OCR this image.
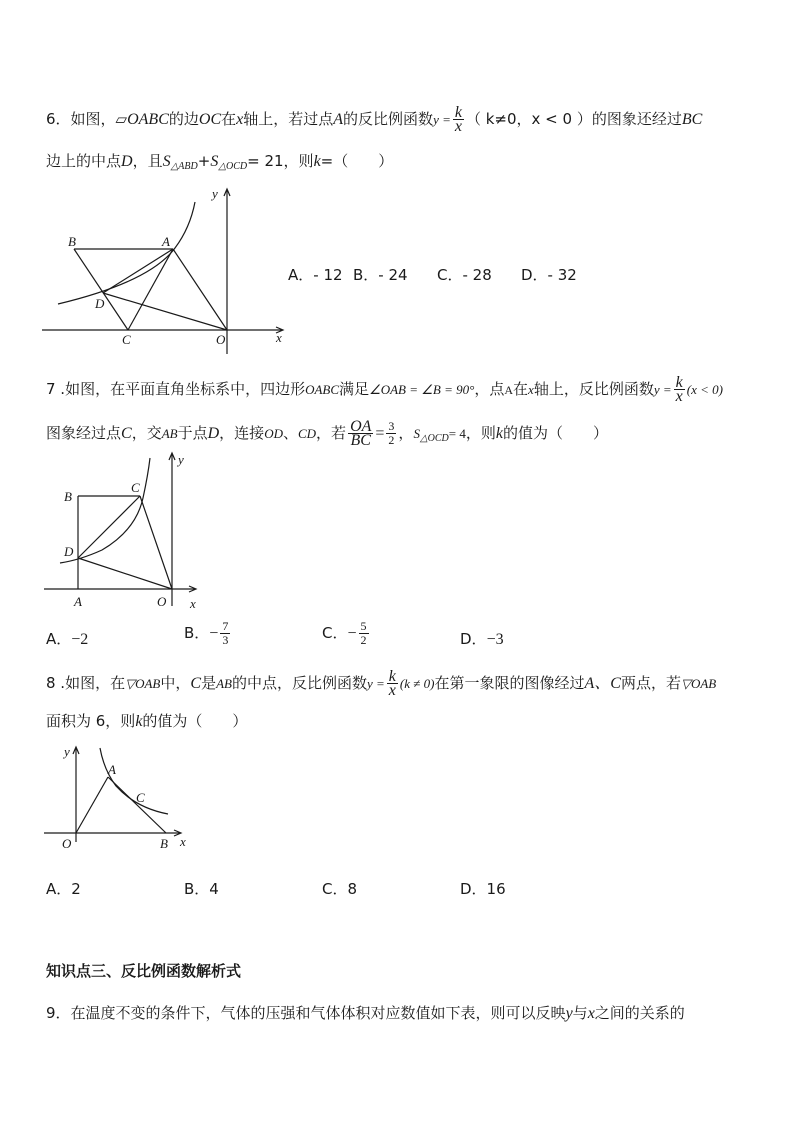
6．如图，▱OABC的边OC在x轴上，若过点A的反比例函数$y = \frac{k}{x}$ （ k≠0，x < 0 ）的图象还经过BC
边上的中点D，且$S_{\triangle ABD}+S_{\triangle OCD}= 21$，则k=（　　）
B	A
D
C	O	x
y
A．- 12 B．- 24 C．- 28 D．- 32
7 .如图，在平面直角坐标系中，四边形OABC满足∠OAB = ∠B = 90°，点A在x轴上，反比例函数$y = \frac{k}{x} (x < 0)$
图象经过点C，交AB于点D，连接OD、CD，若 $\frac{OA}{BC} = \frac{3}{2}$ ，$S_{\triangle OCD}= 4$，则k的值为（　　）
B
C
D
A	O x
y
A．−2	B．− $\frac{7}{3}$	C．− $\frac{5}{2}$	D．−3
8 .如图，在▽OAB中，C是AB的中点，反比例函数$y = \frac{k}{x} (k \ne 0)$在第一象限的图像经过A、C两点，若▽OAB
面积为 6，则k的值为（　　）
y
A
C
O	B x
A．2	B．4	C．8	D．16
知识点三、反比例函数解析式
9．在温度不变的条件下，气体的压强和气体体积对应数值如下表，则可以反映y与x之间的关系的
